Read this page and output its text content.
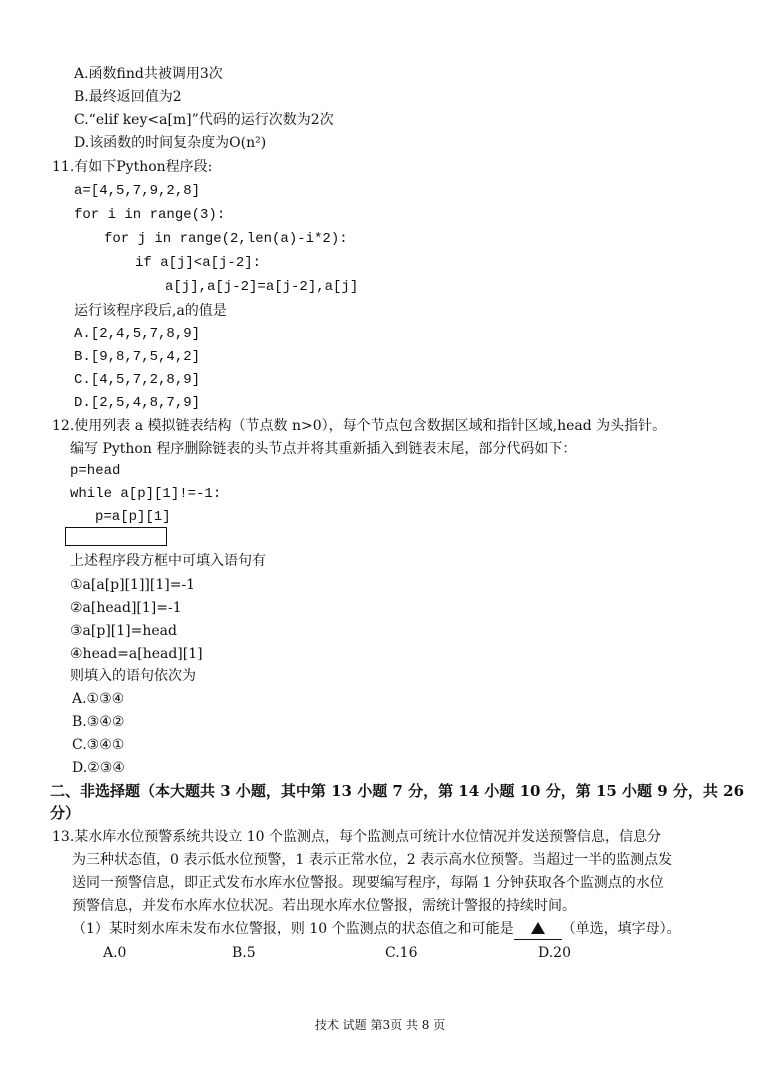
A.函数find共被调用3次
B.最终返回值为2
C.“elif key<a[m]”代码的运行次数为2次
D.该函数的时间复杂度为O(n²)
11.有如下Python程序段:
a=[4,5,7,9,2,8]
for i in range(3):
for j in range(2,len(a)-i*2):
if a[j]<a[j-2]:
a[j],a[j-2]=a[j-2],a[j]
运行该程序段后,a的值是
A.[2,4,5,7,8,9]
B.[9,8,7,5,4,2]
C.[4,5,7,2,8,9]
D.[2,5,4,8,7,9]
12.使用列表 a 模拟链表结构（节点数 n>0），每个节点包含数据区域和指针区域,head 为头指针。
编写 Python 程序删除链表的头节点并将其重新插入到链表末尾，部分代码如下：
p=head
while a[p][1]!=-1:
p=a[p][1]
上述程序段方框中可填入语句有
①a[a[p][1]][1]=-1
②a[head][1]=-1
③a[p][1]=head
④head=a[head][1]
则填入的语句依次为
A.①③④
B.③④②
C.③④①
D.②③④
二、非选择题（本大题共 3 小题，其中第 13 小题 7 分，第 14 小题 10 分，第 15 小题 9 分，共 26
分）
13.某水库水位预警系统共设立 10 个监测点，每个监测点可统计水位情况并发送预警信息，信息分
为三种状态值，0 表示低水位预警，1 表示正常水位，2 表示高水位预警。当超过一半的监测点发
送同一预警信息，即正式发布水库水位警报。现要编写程序，每隔 1 分钟获取各个监测点的水位
预警信息，并发布水库水位状况。若出现水库水位警报，需统计警报的持续时间。
（1）某时刻水库未发布水位警报，则 10 个监测点的状态值之和可能是	（单选，填字母）。
A.0	B.5	C.16	D.20
技术 试题 第3页 共 8 页
